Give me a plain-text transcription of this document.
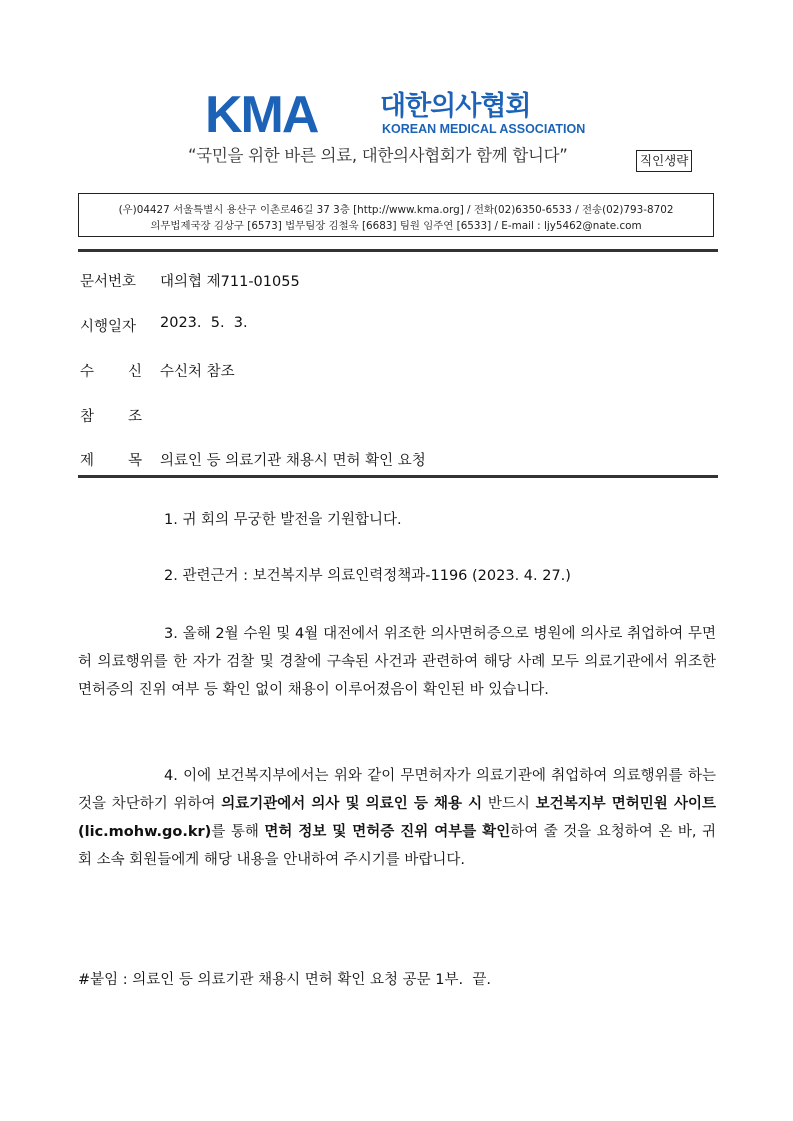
KMA 대한의사협회
KOREAN MEDICAL ASSOCIATION
“국민을 위한 바른 의료, 대한의사협회가 함께 합니다”	직인생략
(우)04427 서울특별시 용산구 이촌로46길 37 3층 [http://www.kma.org] / 전화(02)6350-6533 / 전송(02)793-8702
의무법제국장 김상구 [6573] 법무팀장 김철욱 [6683] 팀원 임주연 [6533] / E-mail : ljy5462@nate.com
문서번호 대의협 제711-01055
시행일자 2023.  5.  3.
수 신 수신처 참조
참 조
제 목 의료인 등 의료기관 채용시 면허 확인 요청
1. 귀 회의 무궁한 발전을 기원합니다.
2. 관련근거 : 보건복지부 의료인력정책과-1196 (2023. 4. 27.)
3. 올해 2월 수원 및 4월 대전에서 위조한 의사면허증으로 병원에 의사로 취업하여 무면허 의료행위를 한 자가 검찰 및 경찰에 구속된 사건과 관련하여 해당 사례 모두 의료기관에서 위조한 면허증의 진위 여부 등 확인 없이 채용이 이루어졌음이 확인된 바 있습니다.
4. 이에 보건복지부에서는 위와 같이 무면허자가 의료기관에 취업하여 의료행위를 하는 것을 차단하기 위하여 의료기관에서 의사 및 의료인 등 채용 시 반드시 보건복지부 면허민원 사이트(lic.mohw.go.kr)를 통해 면허 정보 및 면허증 진위 여부를 확인하여 줄 것을 요청하여 온 바, 귀 회 소속 회원들에게 해당 내용을 안내하여 주시기를 바랍니다.
#붙임 : 의료인 등 의료기관 채용시 면허 확인 요청 공문 1부.  끝.
